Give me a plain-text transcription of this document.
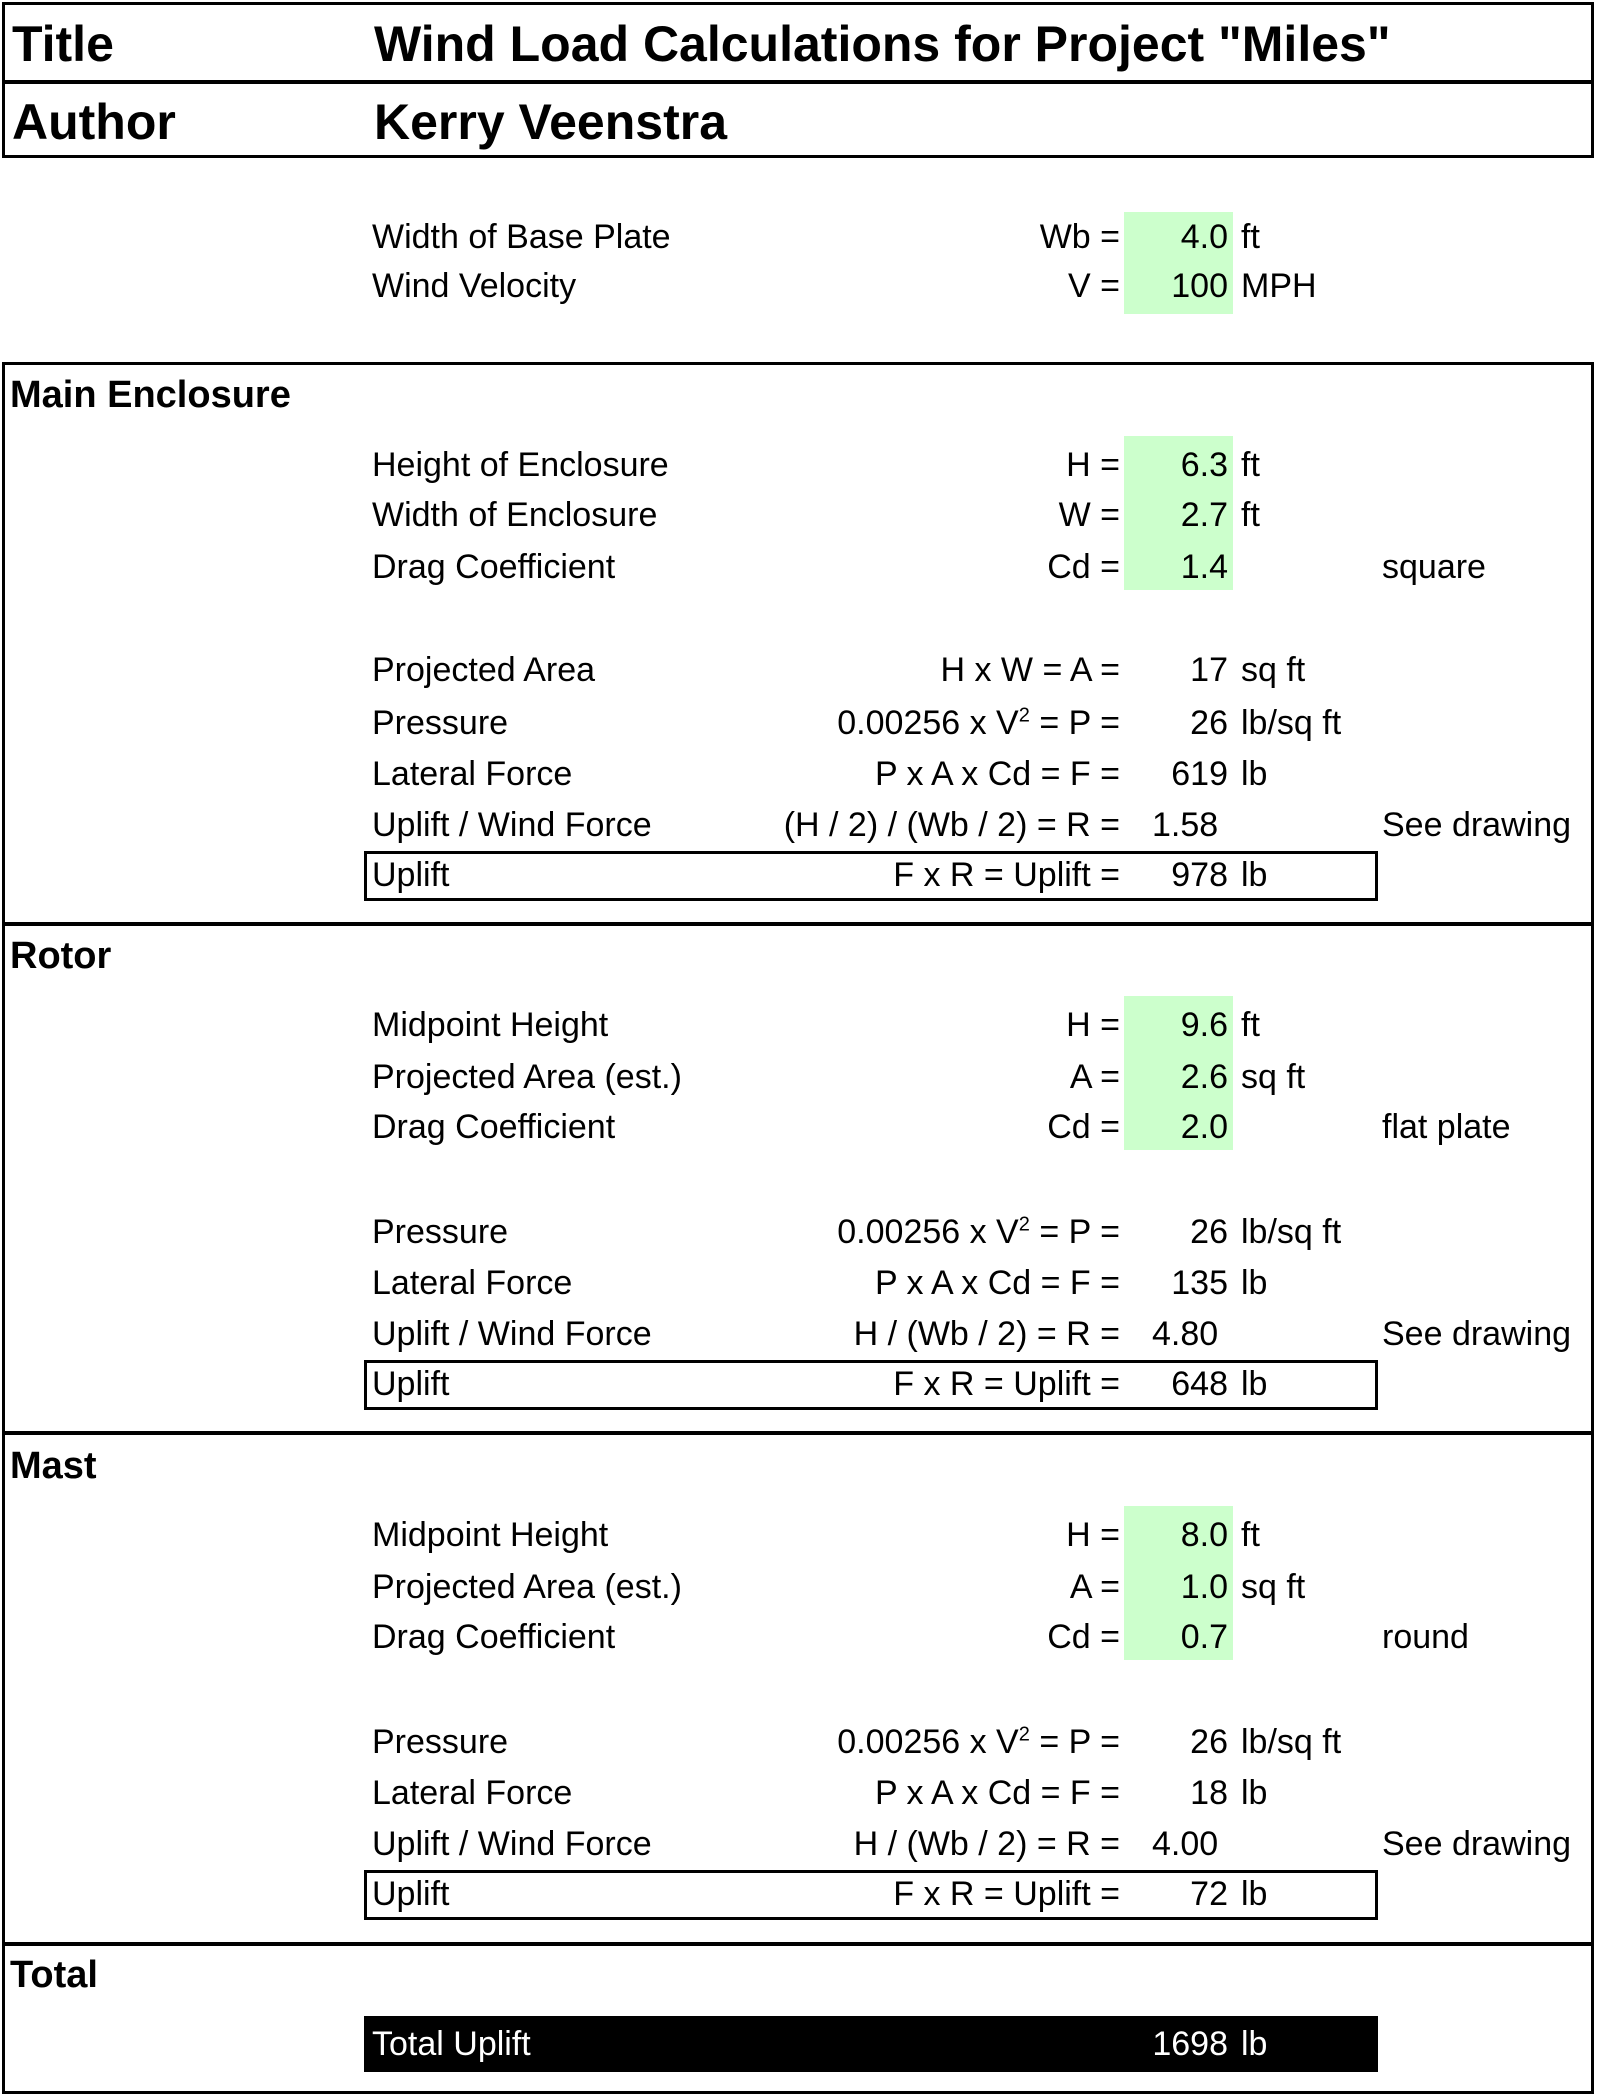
Title	Wind Load Calculations for Project "Miles"
Author	Kerry Veenstra
Width of Base Plate	Wb =	4.0 ft
Wind Velocity	V =	100 MPH
Main Enclosure
Height of Enclosure	H =	6.3 ft
Width of Enclosure	W =	2.7 ft
Drag Coefficient	Cd =	1.4	square
Projected Area	H x W = A =	17 sq ft
Pressure	0.00256 x $V^2 = P$ =	26 lb/sq ft
Lateral Force	P x A x Cd = F =	619 lb
Uplift / Wind Force	(H / 2) / (Wb / 2) = R = 1.58	See drawing
Uplift	F x R = Uplift =	978 lb
Rotor
Midpoint Height	H =	9.6 ft
Projected Area (est.)	A =	2.6 sq ft
Drag Coefficient	Cd =	2.0	flat plate
Pressure	0.00256 x $V^2 = P$ =	26 lb/sq ft
Lateral Force	P x A x Cd = F =	135 lb
Uplift / Wind Force	H / (Wb / 2) = R = 4.80	See drawing
Uplift	F x R = Uplift =	648 lb
Mast
Midpoint Height	H =	8.0 ft
Projected Area (est.)	A =	1.0 sq ft
Drag Coefficient	Cd =	0.7	round
Pressure	0.00256 x $V^2 = P$ =	26 lb/sq ft
Lateral Force	P x A x Cd = F =	18 lb
Uplift / Wind Force	H / (Wb / 2) = R = 4.00	See drawing
Uplift	F x R = Uplift =	72 lb
Total
Total Uplift	1698 lb
